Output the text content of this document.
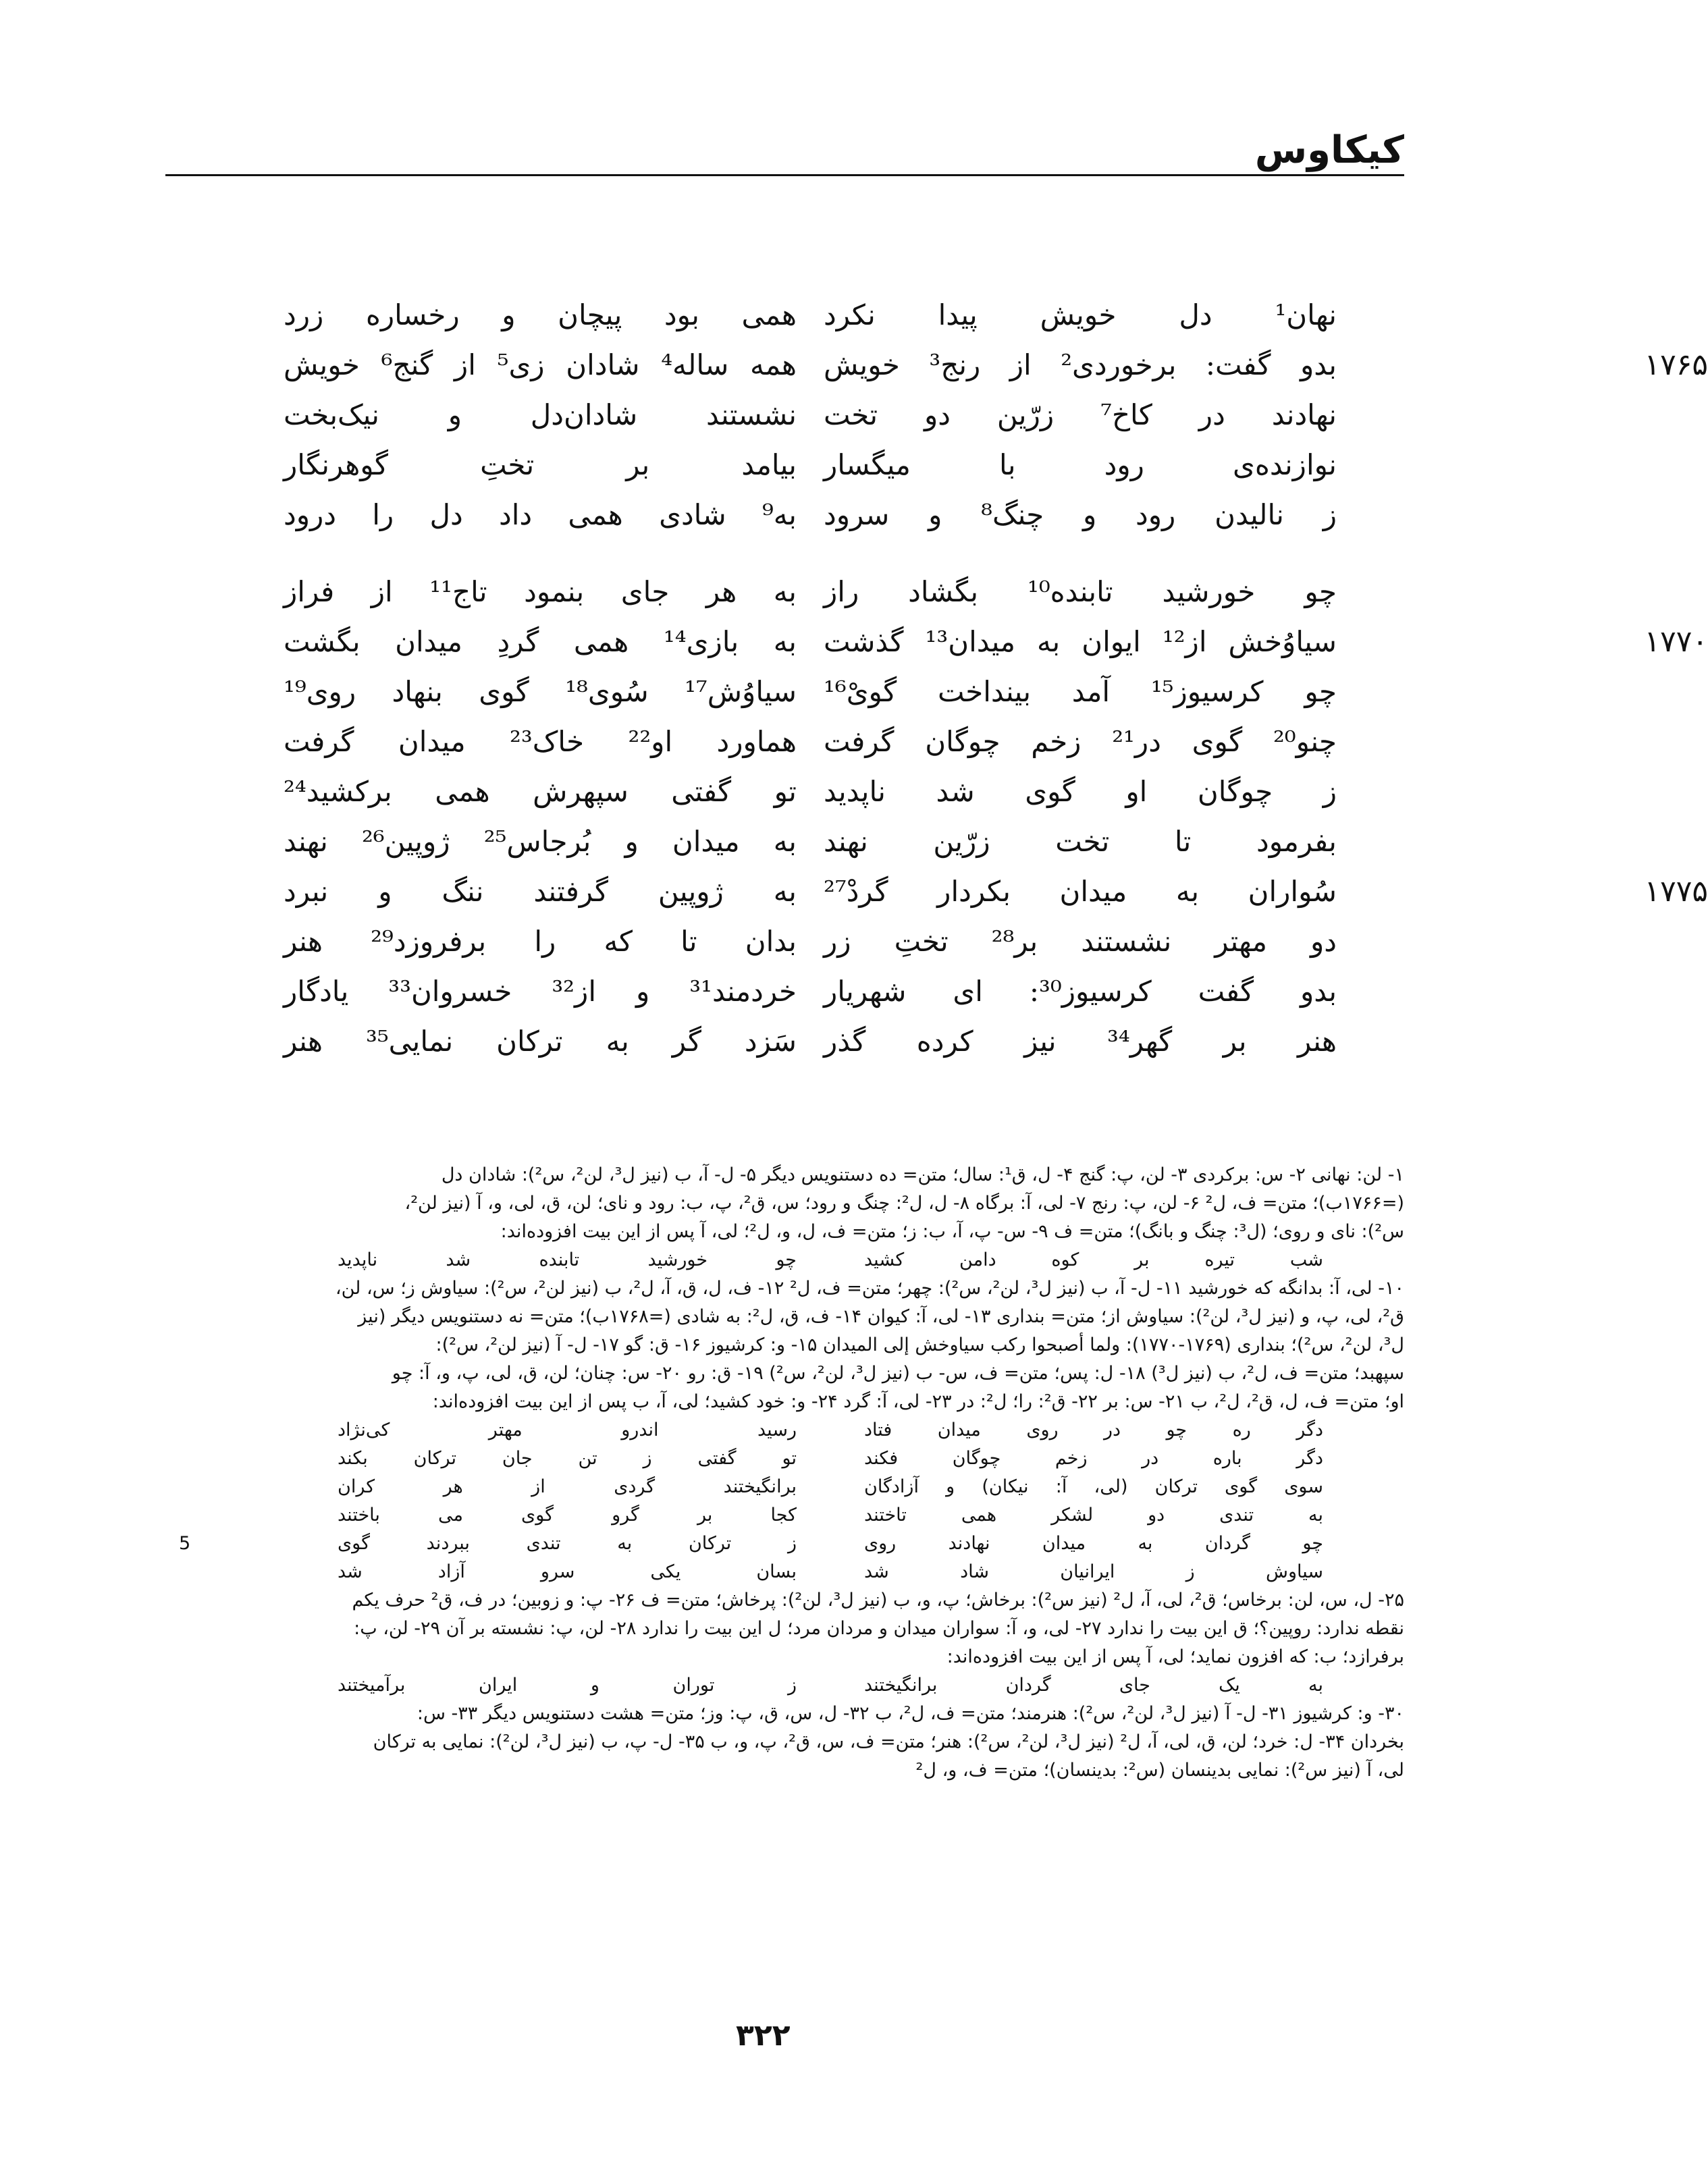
کیکاوس
نهان¹ دل خویش پیدا نکرد
همی بود پیچان و رخساره زرد
۱۷۶۵
بدو گفت: برخوردی² از رنج³ خویش
همه ساله⁴ شادان زی⁵ از گنج⁶ خویش
نهادند در کاخ⁷ زرّین دو تخت
نشستند شادان‌دل و نیک‌بخت
نوازنده‌ی رود با میگسار
بیامد بر تختِ گوهرنگار
ز نالیدن رود و چنگ⁸ و سرود
به⁹ شادی همی داد دل را درود
چو خورشید تابنده¹⁰ بگشاد راز
به هر جای بنمود تاج¹¹ از فراز
۱۷۷۰
سیاوُخش از¹² ایوان به میدان¹³ گذشت
به بازی¹⁴ همی گردِ میدان بگشت
چو کرسیوز¹⁵ آمد بینداخت گویْ¹⁶
سیاوُش¹⁷ سُوی¹⁸ گوی بنهاد روی¹⁹
چنو²⁰ گوی در²¹ زخم چوگان گرفت
هماورد او²² خاک²³ میدان گرفت
ز چوگان او گوی شد ناپدید
تو گفتی سپهرش همی برکشید²⁴
بفرمود تا تخت زرّین نهند
به میدان و بُرجاس²⁵ ژوپین²⁶ نهند
۱۷۷۵
سُواران به میدان بکردار گردْ²⁷
به ژوپین گرفتند ننگ و نبرد
دو مهتر نشستند بر²⁸ تختِ زر
بدان تا که را برفروزد²⁹ هنر
بدو گفت کرسیوز³⁰: ای شهریار
خردمند³¹ و از³² خسروان³³ یادگار
هنر بر گهر³⁴ نیز کرده گذر
سَزد گر به ترکان نمایی³⁵ هنر
۱- لن: نهانی ۲- س: برکردی ۳- لن، پ: گنج ۴- ل، ق¹: سال؛ متن= ده دستنویس دیگر ۵- ل- آ، ب (نیز ل³، لن²، س²): شادان دل
(=۱۷۶۶ب)؛ متن= ف، ل² ۶- لن، پ: رنج ۷- لی، آ: برگاه ۸- ل، ل²: چنگ و رود؛ س، ق²، پ، ب: رود و نای؛ لن، ق، لی، و، آ (نیز لن²،
س²): نای و روی؛ (ل³: چنگ و بانگ)؛ متن= ف ۹- س- پ، آ، ب: ز؛ متن= ف، ل، و، ل²؛ لی، آ پس از این بیت افزوده‌اند:
شب تیره بر کوه دامن کشید
چو خورشید تابنده شد ناپدید
۱۰- لی، آ: بدانگه که خورشید ۱۱- ل- آ، ب (نیز ل³، لن²، س²): چهر؛ متن= ف، ل² ۱۲- ف، ل، ق، آ، ل²، ب (نیز لن²، س²): سیاوش ز؛ س، لن،
ق²، لی، پ، و (نیز ل³، لن²): سیاوش از؛ متن= بنداری ۱۳- لی، آ: کیوان ۱۴- ف، ق، ل²: به شادی (=۱۷۶۸ب)؛ متن= نه دستنویس دیگر (نیز
ل³، لن²، س²)؛ بنداری (۱۷۶۹-۱۷۷۰): ولما أصبحوا رکب سیاوخش إلی المیدان ۱۵- و: کرشیوز ۱۶- ق: گو ۱۷- ل- آ (نیز لن²، س²):
سپهبد؛ متن= ف، ل²، ب (نیز ل³) ۱۸- ل: پس؛ متن= ف، س- ب (نیز ل³، لن²، س²) ۱۹- ق: رو ۲۰- س: چنان؛ لن، ق، لی، پ، و، آ: چو
او؛ متن= ف، ل، ق²، ل²، ب ۲۱- س: بر ۲۲- ق²: را؛ ل²: در ۲۳- لی، آ: گرد ۲۴- و: خود کشید؛ لی، آ، ب پس از این بیت افزوده‌اند:
دگر ره چو در روی میدان فتاد
رسید اندرو مهتر کی‌نژاد
دگر باره در زخم چوگان فکند
تو گفتی ز تن جان ترکان بکند
سوی گوی ترکان (لی، آ: نیکان) و آزادگان
برانگیختند گردی از هر کران
به تندی دو لشکر همی تاختند
کجا بر گرو گوی می باختند
چو گردان به میدان نهادند روی
ز ترکان به تندی ببردند گوی
5
سیاوش ز ایرانیان شاد شد
بسان یکی سرو آزاد شد
۲۵- ل، س، لن: برخاس؛ ق²، لی، آ، ل² (نیز س²): برخاش؛ پ، و، ب (نیز ل³، لن²): پرخاش؛ متن= ف ۲۶- پ: و زوبین؛ در ف، ق² حرف یکم
نقطه ندارد: روپین؟؛ ق این بیت را ندارد ۲۷- لی، و، آ: سواران میدان و مردان مرد؛ ل این بیت را ندارد ۲۸- لن، پ: نشسته بر آن ۲۹- لن، پ:
برفرازد؛ ب: که افزون نماید؛ لی، آ پس از این بیت افزوده‌اند:
به یک جای گردان برانگیختند
ز توران و ایران برآمیختند
۳۰- و: کرشیوز ۳۱- ل- آ (نیز ل³، لن²، س²): هنرمند؛ متن= ف، ل²، ب ۳۲- ل، س، ق، پ: وز؛ متن= هشت دستنویس دیگر ۳۳- س:
بخردان ۳۴- ل: خرد؛ لن، ق، لی، آ، ل² (نیز ل³، لن²، س²): هنر؛ متن= ف، س، ق²، پ، و، ب ۳۵- ل- پ، ب (نیز ل³، لن²): نمایی به ترکان
لی، آ (نیز س²): نمایی بدینسان (س²: بدینسان)؛ متن= ف، و، ل²
۳۲۲
